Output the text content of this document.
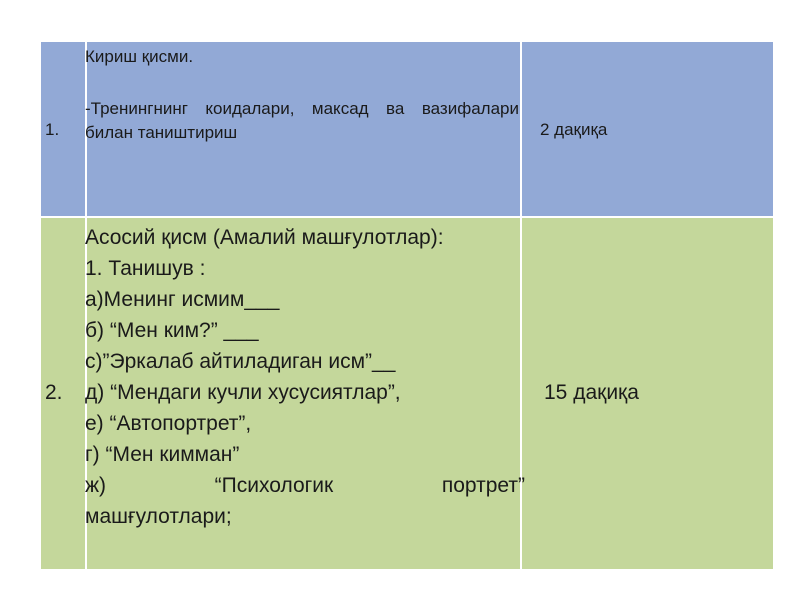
1.	2 дақиқа
Кириш қисми.
-Тренингнинг коидалари, максад ва вазифалари билан таништириш
2.	15 дақиқа
Асосий қисм (Амалий машғулотлар):
1. Танишув :
а)Менинг исмим___
б) “Мен ким?” ___
с)”Эркалаб айтиладиган исм”__
д) “Мендаги кучли хусусиятлар”,
е) “Автопортрет”,
г) “Мен кимман”
ж) “Психологик портрет”
машғулотлари;
